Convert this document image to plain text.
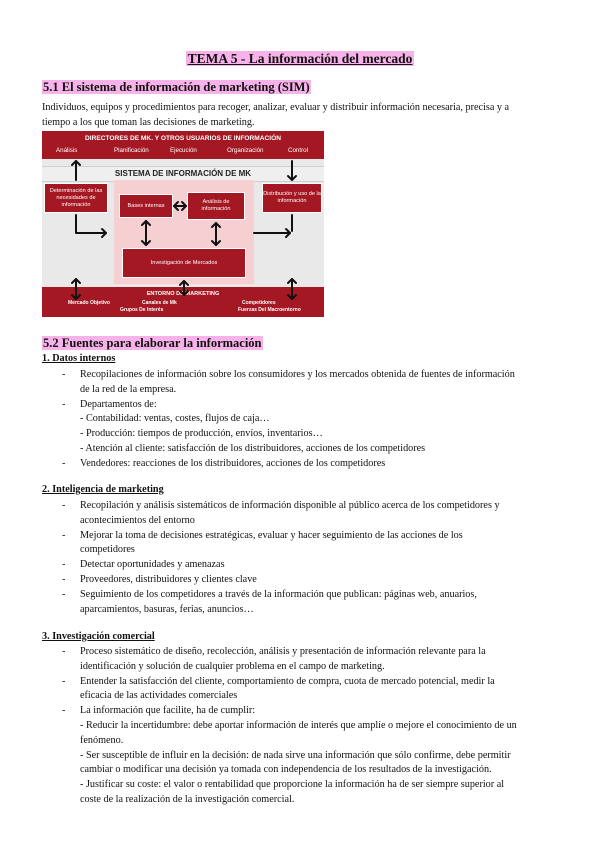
TEMA 5 - La información del mercado
5.1 El sistema de información de marketing (SIM)
Individuos, equipos y procedimientos para recoger, analizar, evaluar y distribuir información necesaria, precisa y a
tiempo a los que toman las decisiones de marketing.
DIRECTORES DE MK. Y OTROS USUARIOS DE INFORMACIÓN
Análisis	Planificación	Ejecución	Organización	Control
SISTEMA DE INFORMACIÓN DE MK
Determinación de las necesidades de información	Bases internas
Análisis de información
Distribución y uso de la información
Investigación de Mercados
ENTORNO DE MARKETING
Mercado Objetivo	Canales de Mk	Competidores
Grupos De Interés	Fuerzas Del Macroentorno
5.2 Fuentes para elaborar la información
1. Datos internos
- Recopilaciones de información sobre los consumidores y los mercados obtenida de fuentes de información
de la red de la empresa.
- Departamentos de:
- Contabilidad: ventas, costes, flujos de caja…
- Producción: tiempos de producción, envíos, inventarios…
- Atención al cliente: satisfacción de los distribuidores, acciones de los competidores
- Vendedores: reacciones de los distribuidores, acciones de los competidores
2. Inteligencia de marketing
- Recopilación y análisis sistemáticos de información disponible al público acerca de los competidores y
acontecimientos del entorno
- Mejorar la toma de decisiones estratégicas, evaluar y hacer seguimiento de las acciones de los
competidores
- Detectar oportunidades y amenazas
- Proveedores, distribuidores y clientes clave
- Seguimiento de los competidores a través de la información que publican: páginas web, anuarios,
aparcamientos, basuras, ferias, anuncios…
3. Investigación comercial
- Proceso sistemático de diseño, recolección, análisis y presentación de información relevante para la
identificación y solución de cualquier problema en el campo de marketing.
- Entender la satisfacción del cliente, comportamiento de compra, cuota de mercado potencial, medir la
eficacia de las actividades comerciales
- La información que facilite, ha de cumplir:
- Reducir la incertidumbre: debe aportar información de interés que amplíe o mejore el conocimiento de un
fenómeno.
- Ser susceptible de influir en la decisión: de nada sirve una información que sólo confirme, debe permitir
cambiar o modificar una decisión ya tomada con independencia de los resultados de la investigación.
- Justificar su coste: el valor o rentabilidad que proporcione la información ha de ser siempre superior al
coste de la realización de la investigación comercial.
